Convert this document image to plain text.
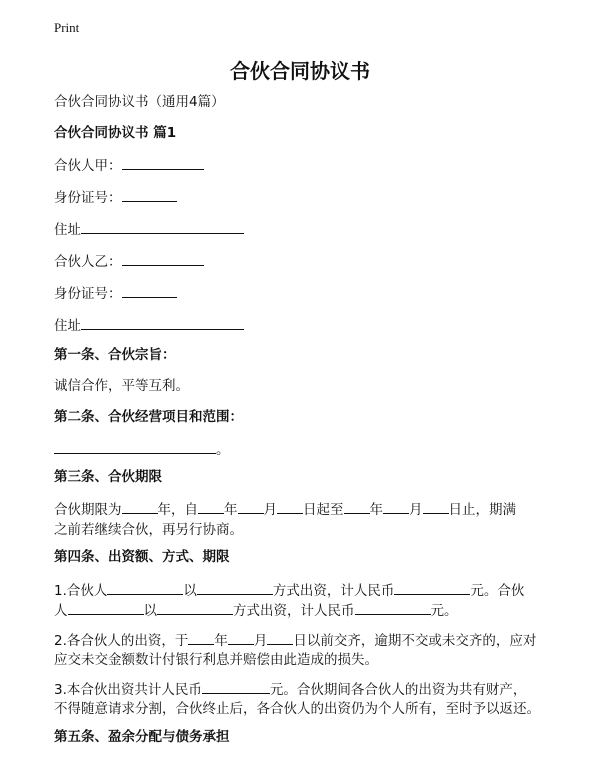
Print
合伙合同协议书
合伙合同协议书（通用4篇）
合伙合同协议书 篇1
合伙人甲：
身份证号：
住址
合伙人乙：
身份证号：
住址
第一条、合伙宗旨：
诚信合作，平等互利。
第二条、合伙经营项目和范围：
。
第三条、合伙期限
合伙期限为	年，自 年 月 日起至 年 月 日止，期满
之前若继续合伙，再另行协商。
第四条、出资额、方式、期限
1.合伙人	以	方式出资，计人民币	元。合伙
人	以	方式出资，计人民币	元。
2.各合伙人的出资，于 年 月 日以前交齐，逾期不交或未交齐的，应对
应交未交金额数计付银行利息并赔偿由此造成的损失。
3.本合伙出资共计人民币	元。合伙期间各合伙人的出资为共有财产，
不得随意请求分割，合伙终止后，各合伙人的出资仍为个人所有，至时予以返还。
第五条、盈余分配与债务承担
